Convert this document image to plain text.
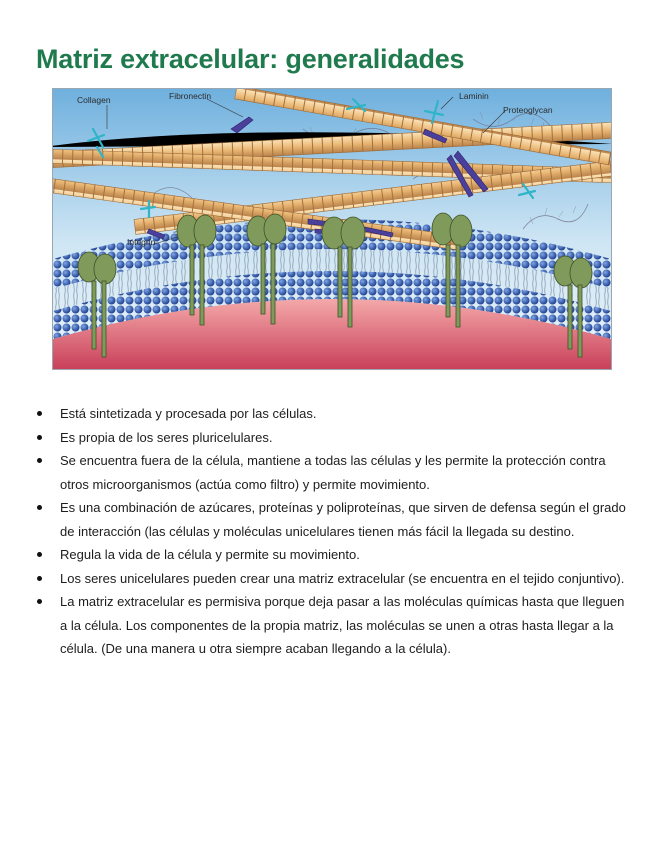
Matriz extracelular: generalidades
Collagen	Fibronectin	Laminin
Proteoglycan
Integrin
Está sintetizada y procesada por las células.
Es propia de los seres pluricelulares.
Se encuentra fuera de la célula, mantiene a todas las células y les permite la protección contra otros microorganismos (actúa como filtro) y permite movimiento.
Es una combinación de azúcares, proteínas y poliproteínas, que sirven de defensa según el grado de interacción (las células y moléculas unicelulares tienen más fácil la llegada su destino.
Regula la vida de la célula y permite su movimiento.
Los seres unicelulares pueden crear una matriz extracelular (se encuentra en el tejido conjuntivo).
La matriz extracelular es permisiva porque deja pasar a las moléculas químicas hasta que lleguen a la célula. Los componentes de la propia matriz, las moléculas se unen a otras hasta llegar a la célula. (De una manera u otra siempre acaban llegando a la célula).
